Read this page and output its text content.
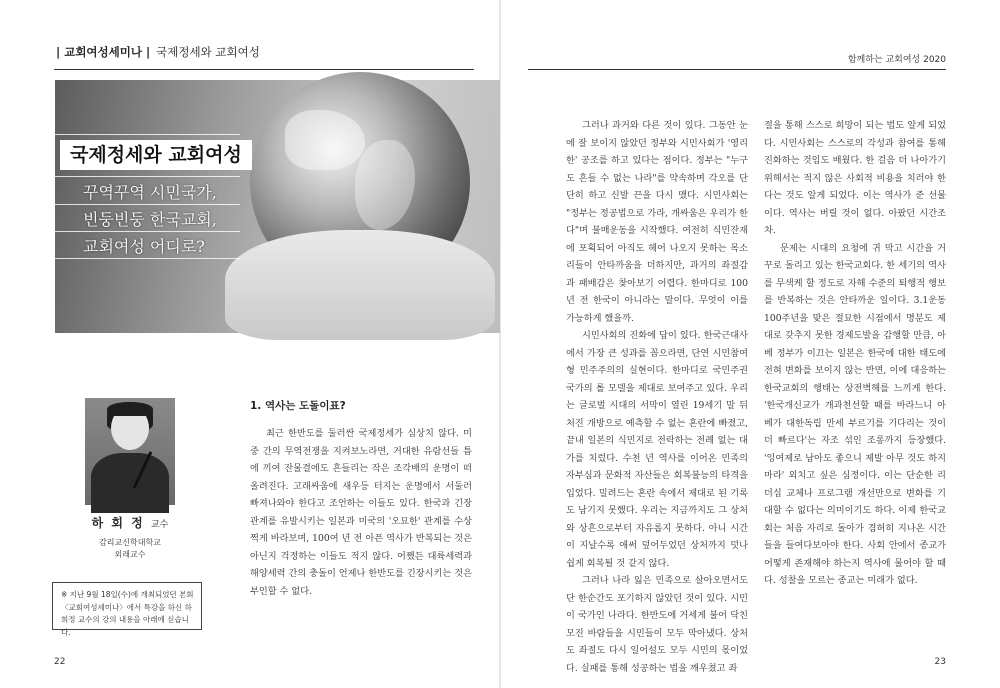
| 교회여성세미나 | 국제정세와 교회여성
함께하는 교회여성 2020
국제정세와 교회여성
꾸역꾸역 시민국가,
빈둥빈둥 한국교회,
교회여성 어디로?
하 회 정 교수
감리교신학대학교
외래교수
※ 지난 9월 18일(수)에 개최되었던 본회 〈교회여성세미나〉에서 특강을 하신 하희정 교수의 강의 내용을 아래에 싣습니다.
1. 역사는 도돌이표?

최근 한반도를 둘러싼 국제정세가 심상치 않다. 미중 간의 무역전쟁을 지켜보노라면, 거대한 유람선들 틈에 끼여 잔물결에도 흔들리는 작은 조각배의 운명이 떠올려진다. 고래싸움에 새우등 터지는 운명에서 서둘러 빠져나와야 한다고 조언하는 이들도 있다. 한국과 긴장관계를 유발시키는 일본과 미국의 '오묘한' 관계를 수상쩍게 바라보며, 100여 년 전 아픈 역사가 반복되는 것은 아닌지 걱정하는 이들도 적지 않다. 어쨌든 대륙세력과 해양세력 간의 충돌이 언제나 한반도를 긴장시키는 것은 부인할 수 없다.

그러나 과거와 다른 것이 있다. 그동안 눈에 잘 보이지 않았던 정부와 시민사회가 '영리한' 공조를 하고 있다는 점이다. 정부는 "누구도 흔들 수 없는 나라"를 약속하며 각오를 단단히 하고 신발 끈을 다시 맸다. 시민사회는 "정부는 정공법으로 가라, 개싸움은 우리가 한다"며 불매운동을 시작했다. 여전히 식민잔재에 포획되어 아직도 헤어 나오지 못하는 목소리들이 안타까움을 더하지만, 과거의 좌절감과 패배감은 찾아보기 어렵다. 한마디로 100년 전 한국이 아니라는 말이다. 무엇이 이를 가능하게 했을까.

시민사회의 진화에 답이 있다. 한국근대사에서 가장 큰 성과를 꼽으라면, 단연 시민참여형 민주주의의 실현이다. 한마디로 국민주권 국가의 롤 모델을 제대로 보여주고 있다. 우리는 글로벌 시대의 서막이 열린 19세기 말 뒤처진 개방으로 예측할 수 없는 혼란에 빠졌고, 끝내 일본의 식민지로 전락하는 전례 없는 대가를 치렀다. 수천 년 역사를 이어온 민족의 자부심과 문화적 자산들은 회복불능의 타격을 입었다. 밀려드는 혼란 속에서 제대로 된 기록도 남기지 못했다. 우리는 지금까지도 그 상처와 상흔으로부터 자유롭지 못하다. 아니 시간이 지날수록 애써 덮어두었던 상처까지 덧나 쉽게 회복될 것 같지 않다.

그러나 나라 잃은 민족으로 살아오면서도 단 한순간도 포기하지 않았던 것이 있다. 시민이 국가인 나라다. 한반도에 거세게 불어 닥친 모진 바람들을 시민들이 모두 막아냈다. 상처도 좌절도 다시 일어설도 모두 시민의 몫이었다. 실패를 통해 성공하는 법을 깨우쳤고 좌

절을 통해 스스로 희망이 되는 법도 알게 되었다. 시민사회는 스스로의 각성과 참여를 통해 진화하는 것임도 배웠다. 한 걸음 더 나아가기 위해서는 적지 않은 사회적 비용을 치러야 한다는 것도 알게 되었다. 이는 역사가 준 선물이다. 역사는 버릴 것이 없다. 아팠던 시간조차.

문제는 시대의 요청에 귀 막고 시간을 거꾸로 돌리고 있는 한국교회다. 한 세기의 역사를 무색케 할 정도로 자해 수준의 퇴행적 행보를 반복하는 것은 안타까운 일이다. 3.1운동 100주년을 맞은 절묘한 시점에서 명분도 제대로 갖추지 못한 경제도발을 감행할 만큼, 아베 정부가 이끄는 일본은 한국에 대한 태도에 전혀 변화를 보이지 않는 반면, 이에 대응하는 한국교회의 행태는 상전벽해를 느끼게 한다. '한국개신교가 개과천선할 때를 바라느니 아베가 대한독립 만세 부르기를 기다리는 것이 더 빠르다'는 자조 섞인 조롱까지 등장했다. '잉여제로 남아도 좋으니 제발 아무 것도 하지 마라' 외치고 싶은 심정이다. 이는 단순한 리더십 교체나 프로그램 개선만으로 변화를 기대할 수 없다는 의미이기도 하다. 이제 한국교회는 처음 자리로 돌아가 겸허히 지나온 시간들을 들여다보아야 한다. 사회 안에서 종교가 어떻게 존재해야 하는지 역사에 물어야 할 때다. 성찰을 모르는 종교는 미래가 없다.

22	23
